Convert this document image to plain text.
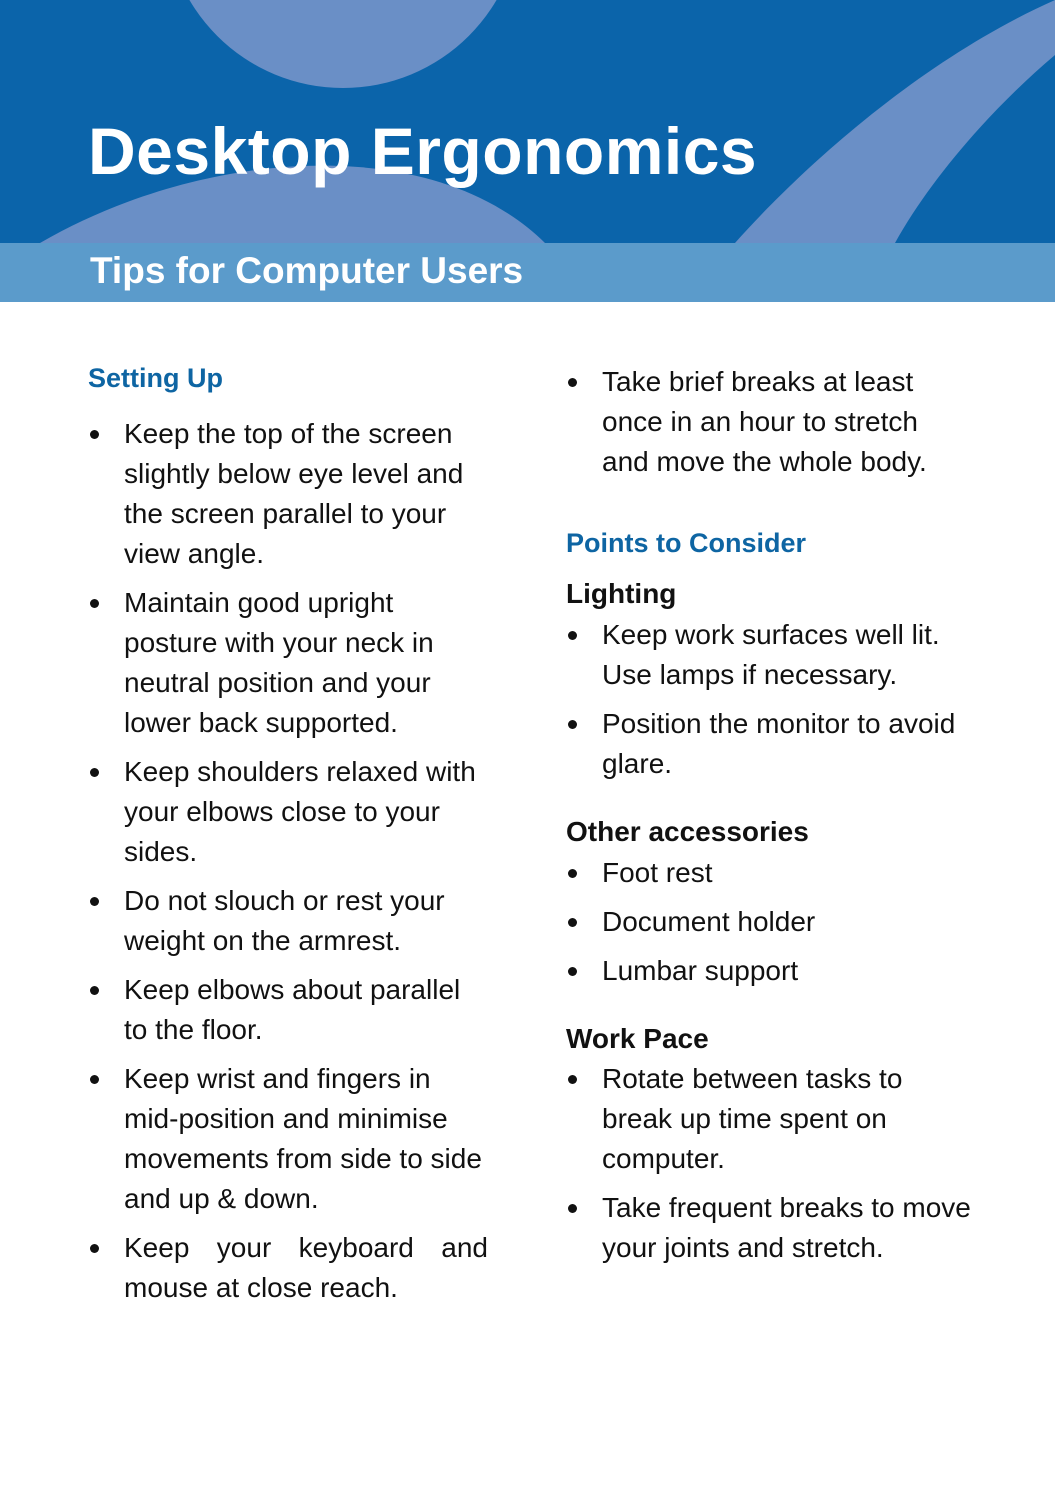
Desktop Ergonomics
Tips for Computer Users
Setting Up
Keep the top of the screen slightly below eye level and the screen parallel to your view angle.
Maintain good upright posture with your neck in neutral position and your lower back supported.
Keep shoulders relaxed with your elbows close to your sides.
Do not slouch or rest your weight on the armrest.
Keep elbows about parallel to the floor.
Keep wrist and fingers in mid-position and minimise movements from side to side and up & down.
Keep your keyboard and mouse at close reach.
Take brief breaks at least once in an hour to stretch and move the whole body.
Points to Consider
Lighting
Keep work surfaces well lit. Use lamps if necessary.
Position the monitor to avoid glare.
Other accessories
Foot rest
Document holder
Lumbar support
Work Pace
Rotate between tasks to break up time spent on computer.
Take frequent breaks to move your joints and stretch.
